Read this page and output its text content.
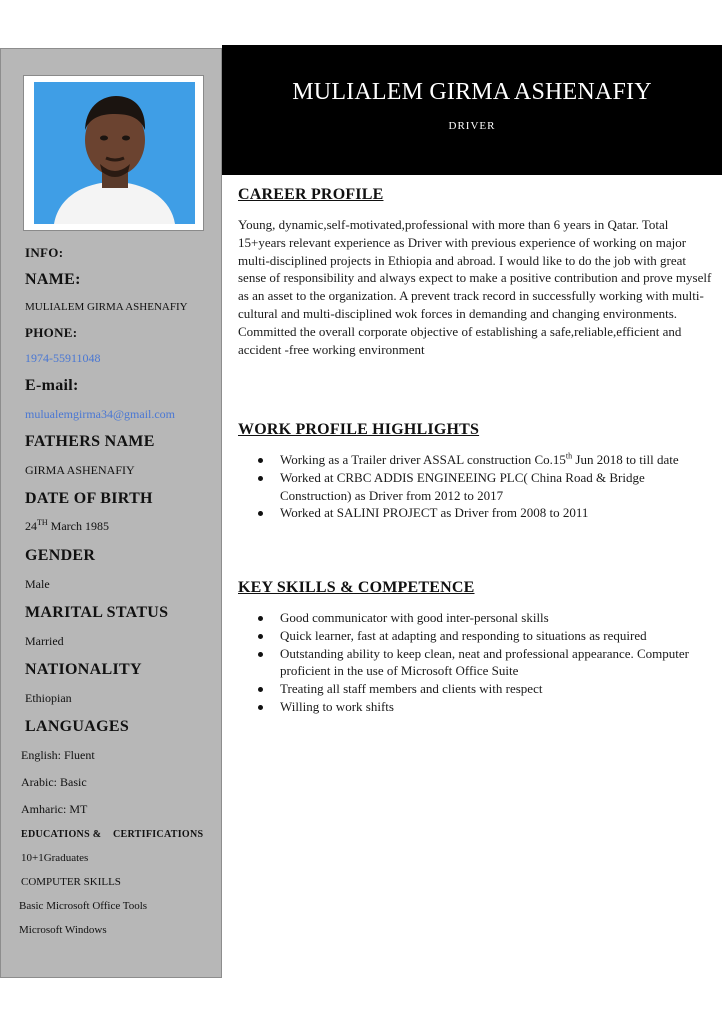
INFO:
NAME:
MULIALEM GIRMA ASHENAFIY
PHONE:
1974-55911048
E-mail:
mulualemgirma34@gmail.com
FATHERS NAME
GIRMA ASHENAFIY
DATE OF BIRTH
24TH March 1985
GENDER
Male
MARITAL STATUS
Married
NATIONALITY
Ethiopian
LANGUAGES
English: Fluent
Arabic: Basic
Amharic: MT
EDUCATIONS & CERTIFICATIONS
10+1Graduates
COMPUTER SKILLS
Basic Microsoft Office Tools
Microsoft Windows
MULIALEM GIRMA ASHENAFIY
DRIVER
CAREER PROFILE
Young, dynamic,self-motivated,professional with more than 6 years in Qatar. Total 15+years relevant experience as Driver with previous experience of working on major multi-disciplined projects in Ethiopia and abroad. I would like to do the job with great sense of responsibility and always expect to make a positive contribution and prove myself as an asset to the organization. A prevent track record in successfully working with multi-cultural and multi-disciplined wok forces in demanding and changing environments. Committed the overall corporate objective of establishing a safe,reliable,efficient and accident -free working environment
WORK PROFILE HIGHLIGHTS
Working as a Trailer driver ASSAL construction Co.15th Jun 2018 to till date
Worked at CRBC ADDIS ENGINEEING PLC( China Road & Bridge Construction) as Driver from 2012 to 2017
Worked at SALINI PROJECT as Driver from 2008 to 2011
KEY SKILLS & COMPETENCE
Good communicator with good inter-personal skills
Quick learner, fast at adapting and responding to situations as required
Outstanding ability to keep clean, neat and professional appearance. Computer proficient in the use of Microsoft Office Suite
Treating all staff members and clients with respect
Willing to work shifts
